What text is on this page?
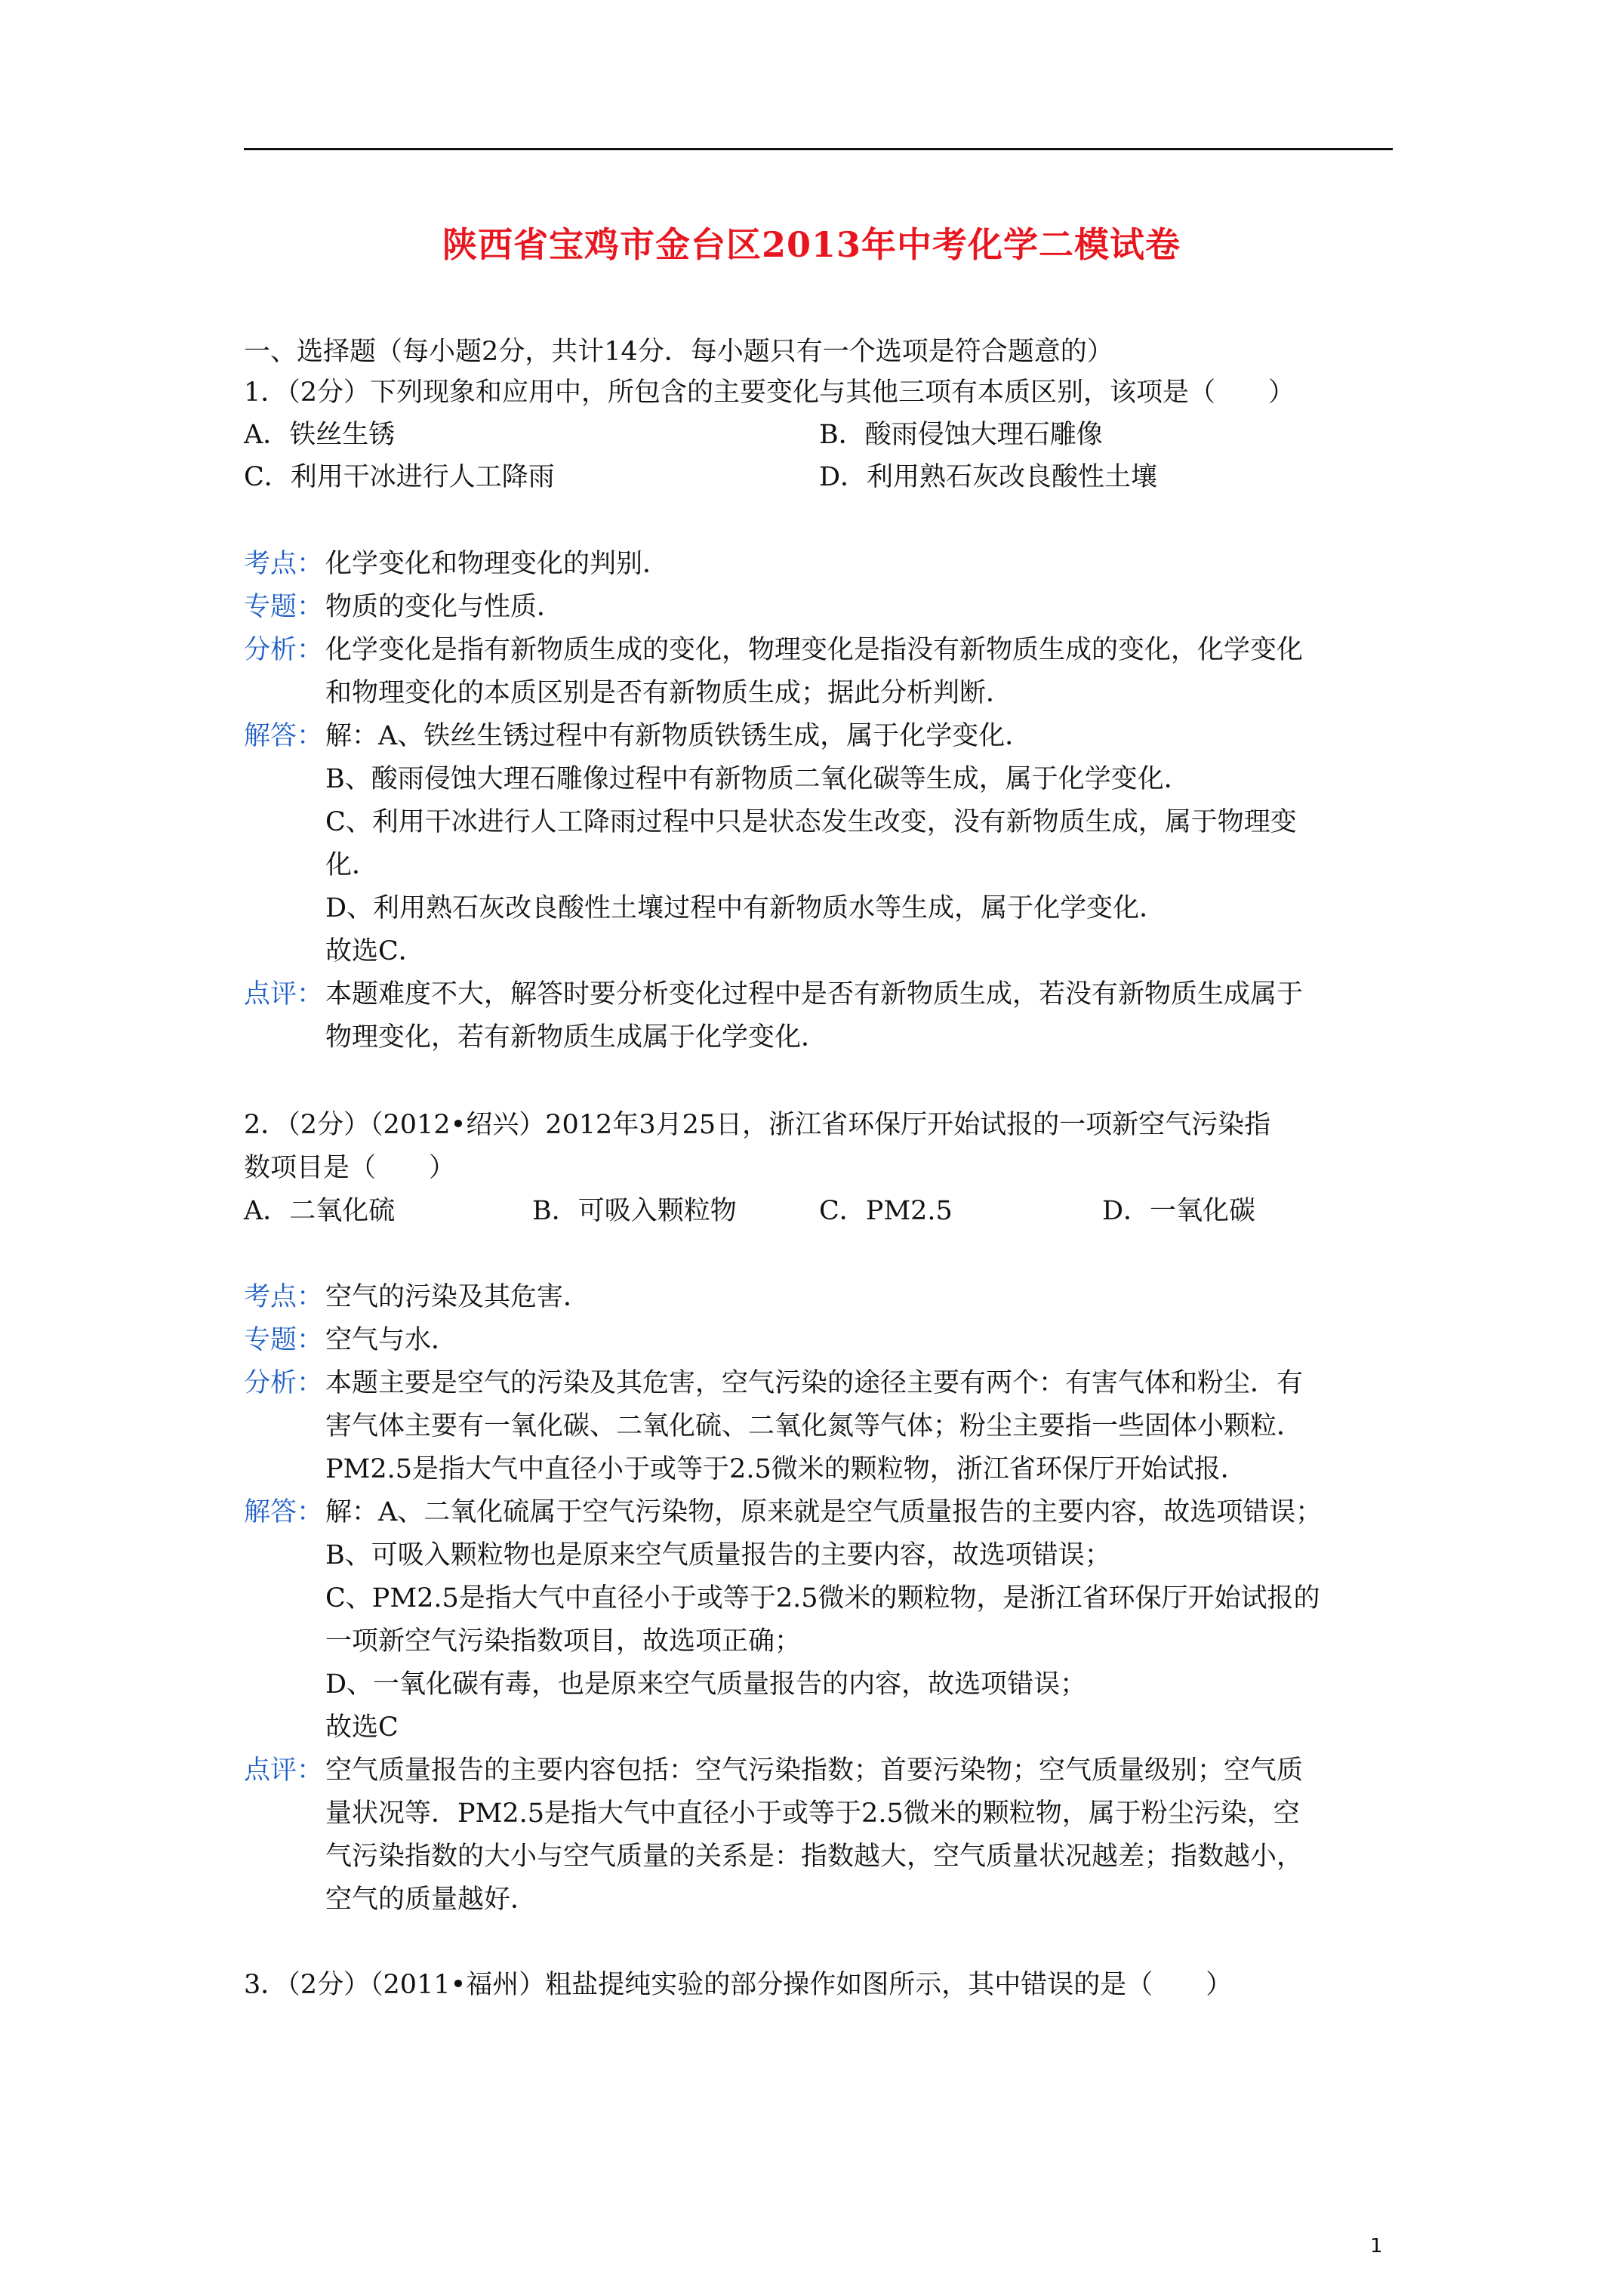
陕西省宝鸡市金台区2013年中考化学二模试卷
一、选择题（每小题2分，共计14分．每小题只有一个选项是符合题意的）
1．（2分）下列现象和应用中，所包含的主要变化与其他三项有本质区别，该项是（　　）
A．铁丝生锈	B．酸雨侵蚀大理石雕像
C．利用干冰进行人工降雨	D．利用熟石灰改良酸性土壤
考点： 化学变化和物理变化的判别．
专题： 物质的变化与性质．
分析： 化学变化是指有新物质生成的变化，物理变化是指没有新物质生成的变化，化学变化
和物理变化的本质区别是否有新物质生成；据此分析判断．
解答： 解：A、铁丝生锈过程中有新物质铁锈生成，属于化学变化．
B、酸雨侵蚀大理石雕像过程中有新物质二氧化碳等生成，属于化学变化．
C、利用干冰进行人工降雨过程中只是状态发生改变，没有新物质生成，属于物理变
化．
D、利用熟石灰改良酸性土壤过程中有新物质水等生成，属于化学变化．
故选C．
点评： 本题难度不大，解答时要分析变化过程中是否有新物质生成，若没有新物质生成属于
物理变化，若有新物质生成属于化学变化．
2．（2分）（2012•绍兴）2012年3月25日，浙江省环保厅开始试报的一项新空气污染指
数项目是（　　）
A．二氧化硫	B．可吸入颗粒物	C．PM2.5	D．一氧化碳
考点： 空气的污染及其危害．
专题： 空气与水．
分析： 本题主要是空气的污染及其危害，空气污染的途径主要有两个：有害气体和粉尘．有
害气体主要有一氧化碳、二氧化硫、二氧化氮等气体；粉尘主要指一些固体小颗粒．
PM2.5是指大气中直径小于或等于2.5微米的颗粒物，浙江省环保厅开始试报．
解答： 解：A、二氧化硫属于空气污染物，原来就是空气质量报告的主要内容，故选项错误；
B、可吸入颗粒物也是原来空气质量报告的主要内容，故选项错误；
C、PM2.5是指大气中直径小于或等于2.5微米的颗粒物，是浙江省环保厅开始试报的
一项新空气污染指数项目，故选项正确；
D、一氧化碳有毒，也是原来空气质量报告的内容，故选项错误；
故选C
点评： 空气质量报告的主要内容包括：空气污染指数；首要污染物；空气质量级别；空气质
量状况等．PM2.5是指大气中直径小于或等于2.5微米的颗粒物，属于粉尘污染，空
气污染指数的大小与空气质量的关系是：指数越大，空气质量状况越差；指数越小，
空气的质量越好．
3．（2分）（2011•福州）粗盐提纯实验的部分操作如图所示，其中错误的是（　　）
1
